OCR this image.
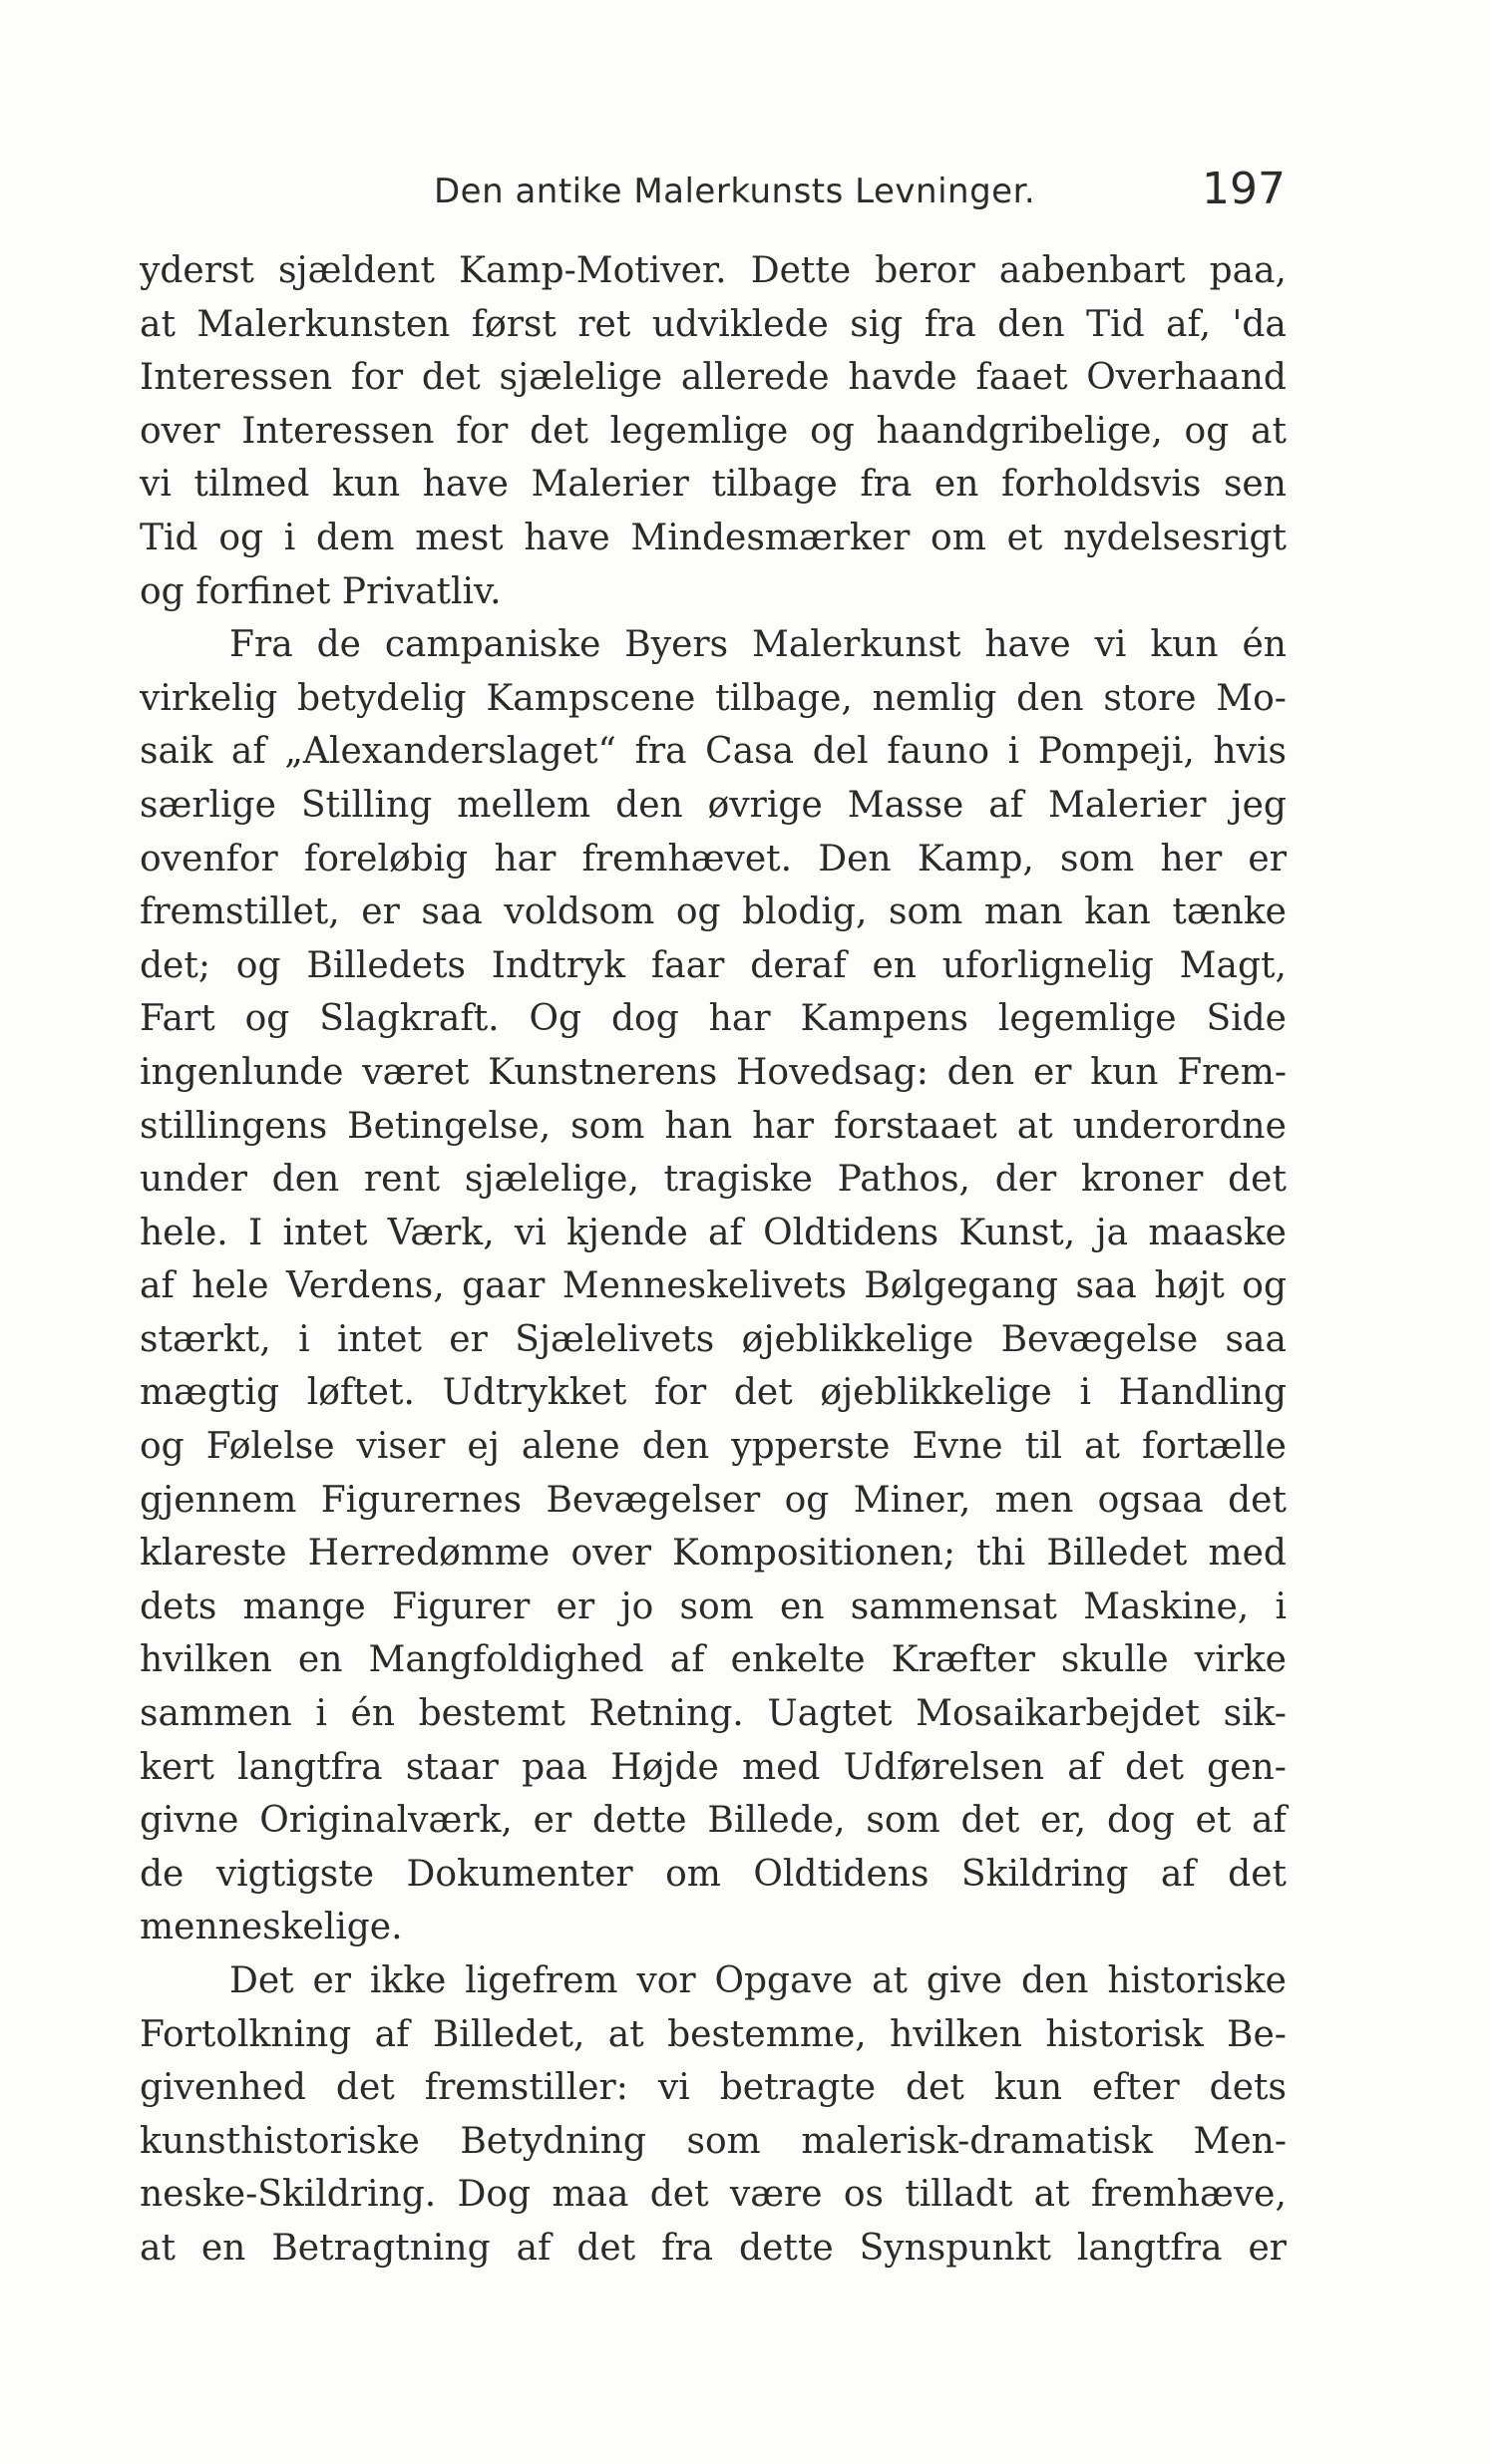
Den antike Malerkunsts Levninger.	197
yderst sjældent Kamp-Motiver. Dette beror aabenbart paa,
at Malerkunsten først ret udviklede sig fra den Tid af, 'da
Interessen for det sjælelige allerede havde faaet Overhaand
over Interessen for det legemlige og haandgribelige, og at
vi tilmed kun have Malerier tilbage fra en forholdsvis sen
Tid og i dem mest have Mindesmærker om et nydelsesrigt
og forfinet Privatliv.
Fra de campaniske Byers Malerkunst have vi kun én
virkelig betydelig Kampscene tilbage, nemlig den store Mo-
saik af „Alexanderslaget“ fra Casa del fauno i Pompeji, hvis
særlige Stilling mellem den øvrige Masse af Malerier jeg
ovenfor foreløbig har fremhævet. Den Kamp, som her er
fremstillet, er saa voldsom og blodig, som man kan tænke
det; og Billedets Indtryk faar deraf en uforlignelig Magt,
Fart og Slagkraft. Og dog har Kampens legemlige Side
ingenlunde været Kunstnerens Hovedsag: den er kun Frem-
stillingens Betingelse, som han har forstaaet at underordne
under den rent sjælelige, tragiske Pathos, der kroner det
hele. I intet Værk, vi kjende af Oldtidens Kunst, ja maaske
af hele Verdens, gaar Menneskelivets Bølgegang saa højt og
stærkt, i intet er Sjælelivets øjeblikkelige Bevægelse saa
mægtig løftet. Udtrykket for det øjeblikkelige i Handling
og Følelse viser ej alene den ypperste Evne til at fortælle
gjennem Figurernes Bevægelser og Miner, men ogsaa det
klareste Herredømme over Kompositionen; thi Billedet med
dets mange Figurer er jo som en sammensat Maskine, i
hvilken en Mangfoldighed af enkelte Kræfter skulle virke
sammen i én bestemt Retning. Uagtet Mosaikarbejdet sik-
kert langtfra staar paa Højde med Udførelsen af det gen-
givne Originalværk, er dette Billede, som det er, dog et af
de vigtigste Dokumenter om Oldtidens Skildring af det
menneskelige.
Det er ikke ligefrem vor Opgave at give den historiske
Fortolkning af Billedet, at bestemme, hvilken historisk Be-
givenhed det fremstiller: vi betragte det kun efter dets
kunsthistoriske Betydning som malerisk-dramatisk Men-
neske-Skildring. Dog maa det være os tilladt at fremhæve,
at en Betragtning af det fra dette Synspunkt langtfra er
